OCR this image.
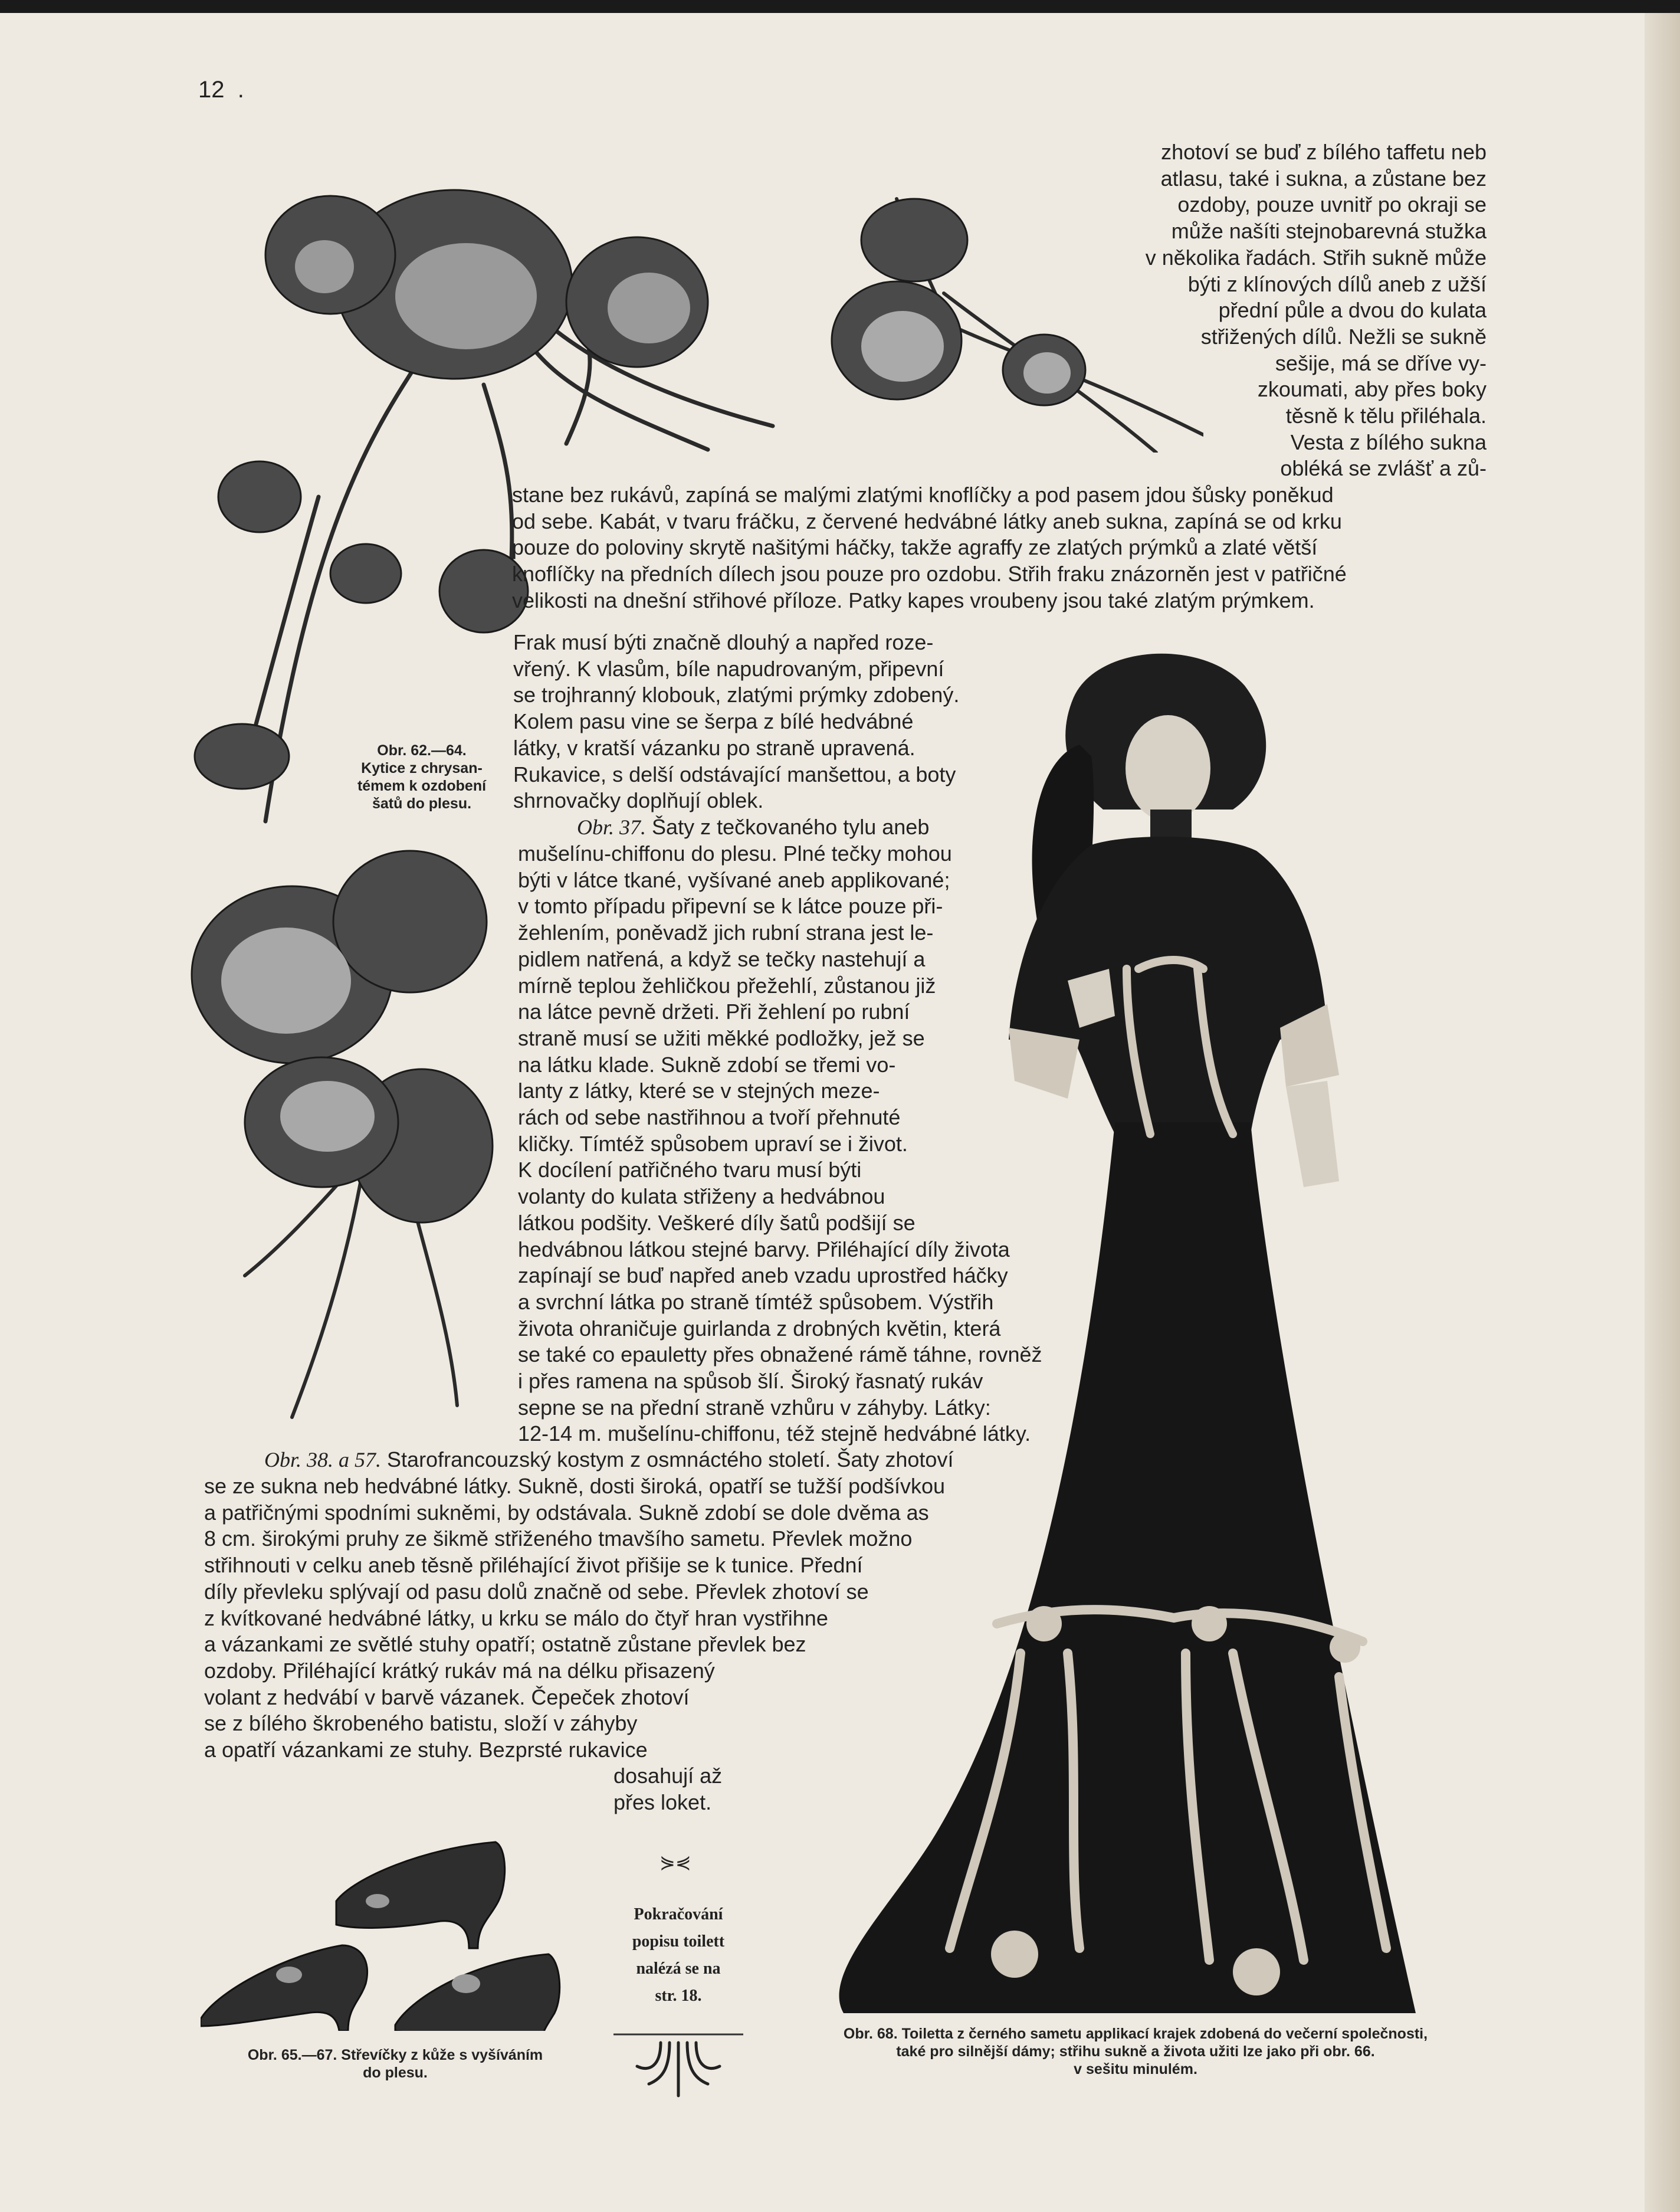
12 .
zhotoví se buď z bílého taffetu neb
atlasu, také i sukna, a zůstane bez
ozdoby, pouze uvnitř po okraji se
může našíti stejnobarevná stužka
v několika řadách. Střih sukně může
býti z klínových dílů aneb z užší
přední půle a dvou do kulata
střižených dílů. Nežli se sukně
sešije, má se dříve vy-
zkoumati, aby přes boky
těsně k tělu přiléhala.
Vesta z bílého sukna
obléká se zvlášť a zů-
stane bez rukávů, zapíná se malými zlatými knoflíčky a pod pasem jdou šůsky poněkud
od sebe. Kabát, v tvaru fráčku, z červené hedvábné látky aneb sukna, zapíná se od krku
pouze do poloviny skrytě našitými háčky, takže agraffy ze zlatých prýmků a zlaté větší
knoflíčky na předních dílech jsou pouze pro ozdobu. Střih fraku znázorněn jest v patřičné
velikosti na dnešní střihové příloze. Patky kapes vroubeny jsou také zlatým prýmkem.
Frak musí býti značně dlouhý a napřed roze-
vřený. K vlasům, bíle napudrovaným, připevní
se trojhranný klobouk, zlatými prýmky zdobený.
Kolem pasu vine se šerpa z bílé hedvábné
látky, v kratší vázanku po straně upravená.
Rukavice, s delší odstávající manšettou, a boty
shrnovačky doplňují oblek.
Obr. 37. Šaty z tečkovaného tylu aneb
mušelínu-chiffonu do plesu. Plné tečky mohou
býti v látce tkané, vyšívané aneb applikované;
v tomto případu připevní se k látce pouze při-
žehlením, poněvadž jich rubní strana jest le-
pidlem natřená, a když se tečky nastehují a
mírně teplou žehličkou přežehlí, zůstanou již
na látce pevně držeti. Při žehlení po rubní
straně musí se užiti měkké podložky, jež se
na látku klade. Sukně zdobí se třemi vo-
lanty z látky, které se v stejných meze-
rách od sebe nastřihnou a tvoří přehnuté
kličky. Tímtéž spůsobem upraví se i život.
K docílení patřičného tvaru musí býti
volanty do kulata střiženy a hedvábnou
látkou podšity. Veškeré díly šatů podšijí se
hedvábnou látkou stejné barvy. Přiléhající díly života
zapínají se buď napřed aneb vzadu uprostřed háčky
a svrchní látka po straně tímtéž spůsobem. Výstřih
života ohraničuje guirlanda z drobných květin, která
se také co epauletty přes obnažené rámě táhne, rovněž
i přes ramena na spůsob šlí. Široký řasnatý rukáv
sepne se na přední straně vzhůru v záhyby. Látky:
12-14 m. mušelínu-chiffonu, též stejně hedvábné látky.
Obr. 38. a 57. Starofrancouzský kostym z osmnáctého století. Šaty zhotoví
se ze sukna neb hedvábné látky. Sukně, dosti široká, opatří se tužší podšívkou
a patřičnými spodními sukněmi, by odstávala. Sukně zdobí se dole dvěma as
8 cm. širokými pruhy ze šikmě střiženého tmavšího sametu. Převlek možno
střihnouti v celku aneb těsně přiléhající život přišije se k tunice. Přední
díly převleku splývají od pasu dolů značně od sebe. Převlek zhotoví se
z kvítkované hedvábné látky, u krku se málo do čtyř hran vystřihne
a vázankami ze světlé stuhy opatří; ostatně zůstane převlek bez
ozdoby. Přiléhající krátký rukáv má na délku přisazený
volant z hedvábí v barvě vázanek. Čepeček zhotoví
se z bílého škrobeného batistu, složí v záhyby
a opatří vázankami ze stuhy. Bezprsté rukavice
dosahují až
přes loket.
Obr. 62.—64.
Kytice z chrysan-
témem k ozdobení
šatů do plesu.
Obr. 65.—67. Střevíčky z kůže s vyšíváním
do plesu.
Obr. 68. Toiletta z černého sametu applikací krajek zdobená do večerní společnosti,
také pro silnější dámy; střihu sukně a života užiti lze jako při obr. 66.
v sešitu minulém.
⋟⋞
Pokračování
popisu toilett
nalézá se na
str. 18.
